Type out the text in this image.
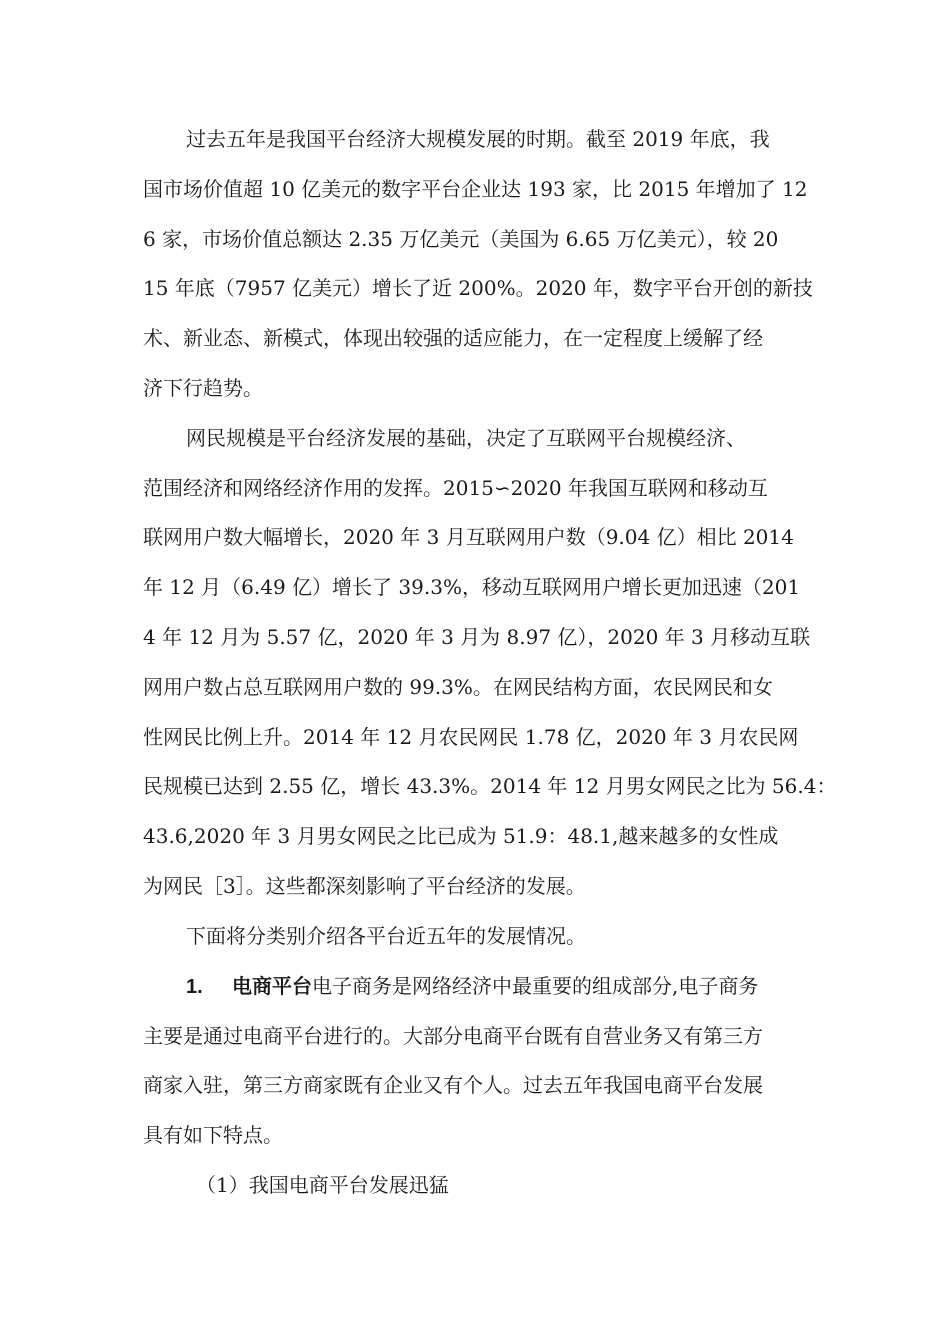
过去五年是我国平台经济大规模发展的时期。截至 2019 年底，我
国市场价值超 10 亿美元的数字平台企业达 193 家，比 2015 年增加了 12
6 家，市场价值总额达 2.35 万亿美元（美国为 6.65 万亿美元），较 20
15 年底（7957 亿美元）增长了近 200%。2020 年，数字平台开创的新技
术、新业态、新模式，体现出较强的适应能力，在一定程度上缓解了经
济下行趋势。
网民规模是平台经济发展的基础，决定了互联网平台规模经济、
范围经济和网络经济作用的发挥。2015∽2020 年我国互联网和移动互
联网用户数大幅增长，2020 年 3 月互联网用户数（9.04 亿）相比 2014
年 12 月（6.49 亿）增长了 39.3%，移动互联网用户增长更加迅速（201
4 年 12 月为 5.57 亿，2020 年 3 月为 8.97 亿），2020 年 3 月移动互联
网用户数占总互联网用户数的 99.3%。在网民结构方面，农民网民和女
性网民比例上升。2014 年 12 月农民网民 1.78 亿，2020 年 3 月农民网
民规模已达到 2.55 亿，增长 43.3%。2014 年 12 月男女网民之比为 56.4：
43.6,2020 年 3 月男女网民之比已成为 51.9：48.1,越来越多的女性成
为网民［3］。这些都深刻影响了平台经济的发展。
下面将分类别介绍各平台近五年的发展情况。
1. 电商平台电子商务是网络经济中最重要的组成部分,电子商务
主要是通过电商平台进行的。大部分电商平台既有自营业务又有第三方
商家入驻，第三方商家既有企业又有个人。过去五年我国电商平台发展
具有如下特点。
（1）我国电商平台发展迅猛
